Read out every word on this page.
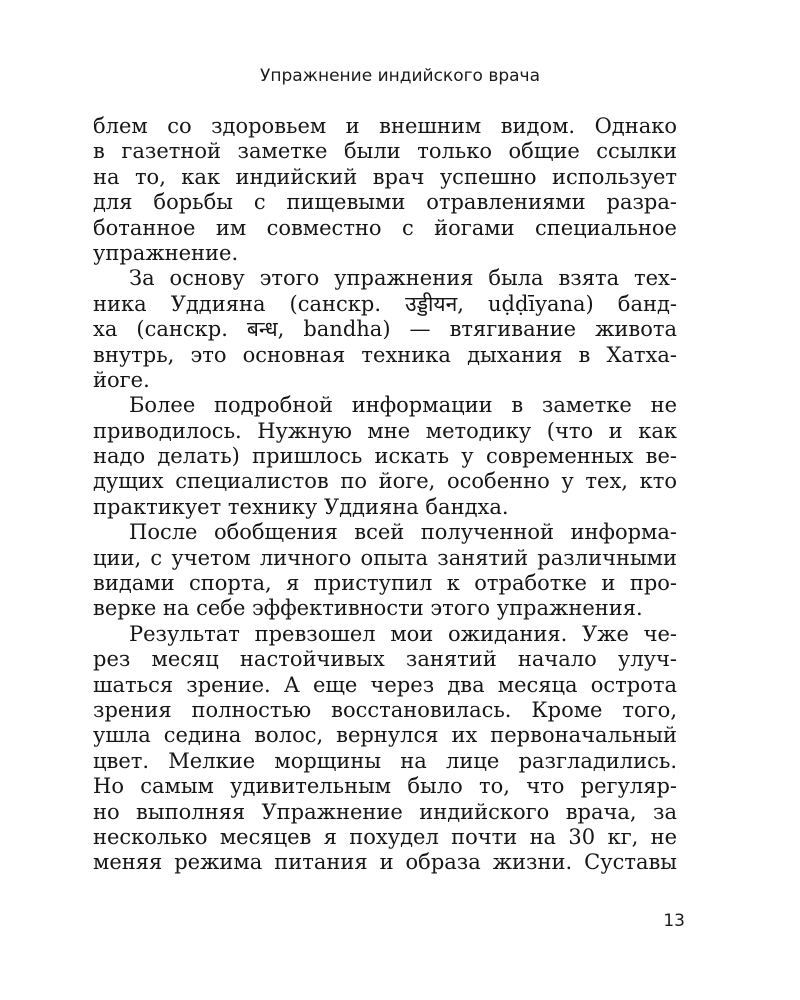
Упражнение индийского врача
блем со здоровьем и внешним видом. Однако
в газетной заметке были только общие ссылки
на то, как индийский врач успешно использует
для борьбы с пищевыми отравлениями разра-
ботанное им совместно с йогами специальное
упражнение.
За основу этого упражнения была взята тех-
ника Уддияна (санскр. उड्डीयन, uḍḍīyana) банд-
ха (санскр. बन्ध, bandha) — втягивание живота
внутрь, это основная техника дыхания в Хатха-
йоге.
Более подробной информации в заметке не
приводилось. Нужную мне методику (что и как
надо делать) пришлось искать у современных ве-
дущих специалистов по йоге, особенно у тех, кто
практикует технику Уддияна бандха.
После обобщения всей полученной информа-
ции, с учетом личного опыта занятий различными
видами спорта, я приступил к отработке и про-
верке на себе эффективности этого упражнения.
Результат превзошел мои ожидания. Уже че-
рез месяц настойчивых занятий начало улуч-
шаться зрение. А еще через два месяца острота
зрения полностью восстановилась. Кроме того,
ушла седина волос, вернулся их первоначальный
цвет. Мелкие морщины на лице разгладились.
Но самым удивительным было то, что регуляр-
но выполняя Упражнение индийского врача, за
несколько месяцев я похудел почти на 30 кг, не
меняя режима питания и образа жизни. Суставы
13
